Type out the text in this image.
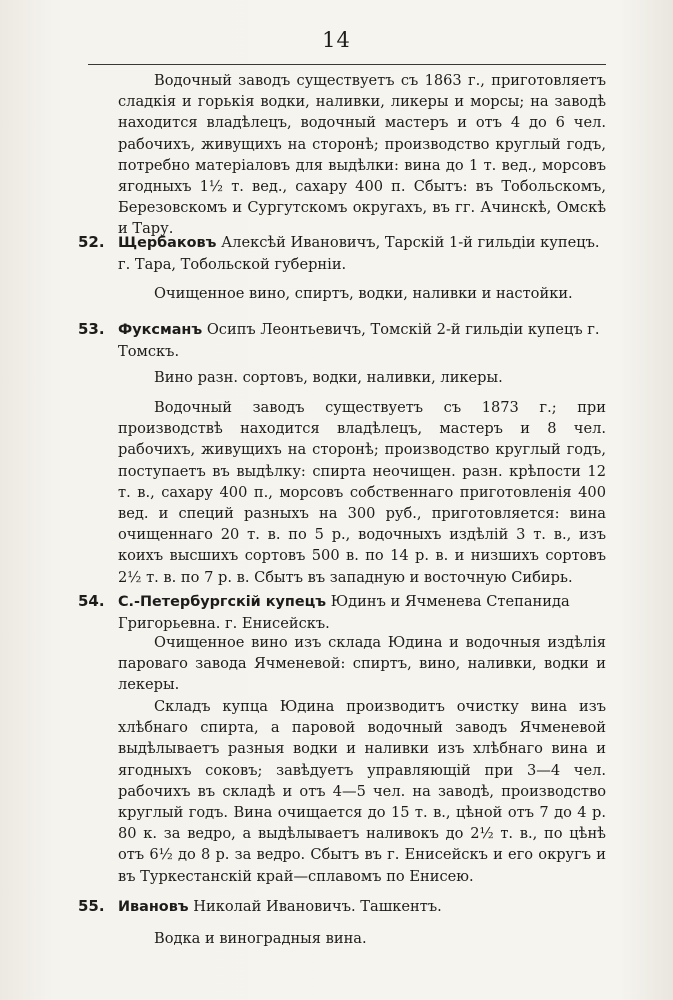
14
Водочный заводъ существуетъ съ 1863 г., приготовляетъ сладкія и горькія водки, наливки, ликеры и морсы; на заводѣ находится владѣлецъ, водочный мастеръ и отъ 4 до 6 чел. рабочихъ, живущихъ на сторонѣ; производство круглый годъ, потребно матеріаловъ для выдѣлки: вина до 1 т. вед., морсовъ ягодныхъ 1½ т. вед., сахару 400 п. Сбытъ: въ Тобольскомъ, Березовскомъ и Сургутскомъ округахъ, въ гг. Ачинскѣ, Омскѣ и Тару.
52. Щербаковъ Алексѣй Ивановичъ, Тарскій 1-й гильдіи купецъ. г. Тара, Тобольской губерніи.
Очищенное вино, спиртъ, водки, наливки и настойки.
53. Фукcманъ Осипъ Леонтьевичъ, Томскій 2-й гильдіи купецъ г. Томскъ.
Вино разн. сортовъ, водки, наливки, ликеры.
Водочный заводъ существуетъ съ 1873 г.; при производствѣ находится владѣлецъ, мастеръ и 8 чел. рабочихъ, живущихъ на сторонѣ; производство круглый годъ, поступаетъ въ выдѣлку: спирта неочищен. разн. крѣпости 12 т. в., сахару 400 п., морсовъ собственнаго приготовленія 400 вед. и специй разныхъ на 300 руб., приготовляется: вина очищеннаго 20 т. в. по 5 р., водочныхъ издѣлій 3 т. в., изъ коихъ высшихъ сортовъ 500 в. по 14 р. в. и низшихъ сортовъ 2½ т. в. по 7 р. в. Сбытъ въ западную и восточную Сибирь.
54. С.-Петербургскій купецъ Юдинъ и Ячменева Степанида Григорьевна. г. Енисейскъ.
Очищенное вино изъ склада Юдина и водочныя издѣлія пароваго завода Ячменевой: спиртъ, вино, наливки, водки и лекеры.
Складъ купца Юдина производитъ очистку вина изъ хлѣбнаго спирта, а паровой водочный заводъ Ячменевой выдѣлываетъ разныя водки и наливки изъ хлѣбнаго вина и ягодныхъ соковъ; завѣдуетъ управляющій при 3—4 чел. рабочихъ въ складѣ и отъ 4—5 чел. на заводѣ, производство круглый годъ. Вина очищается до 15 т. в., цѣной отъ 7 до 4 р. 80 к. за ведро, а выдѣлываетъ наливокъ до 2½ т. в., по цѣнѣ отъ 6½ до 8 р. за ведро. Сбытъ въ г. Енисейскъ и его округъ и въ Туркестанскій край—сплавомъ по Енисею.
55. Ивановъ Николай Ивановичъ. Ташкентъ.
Водка и виноградныя вина.
